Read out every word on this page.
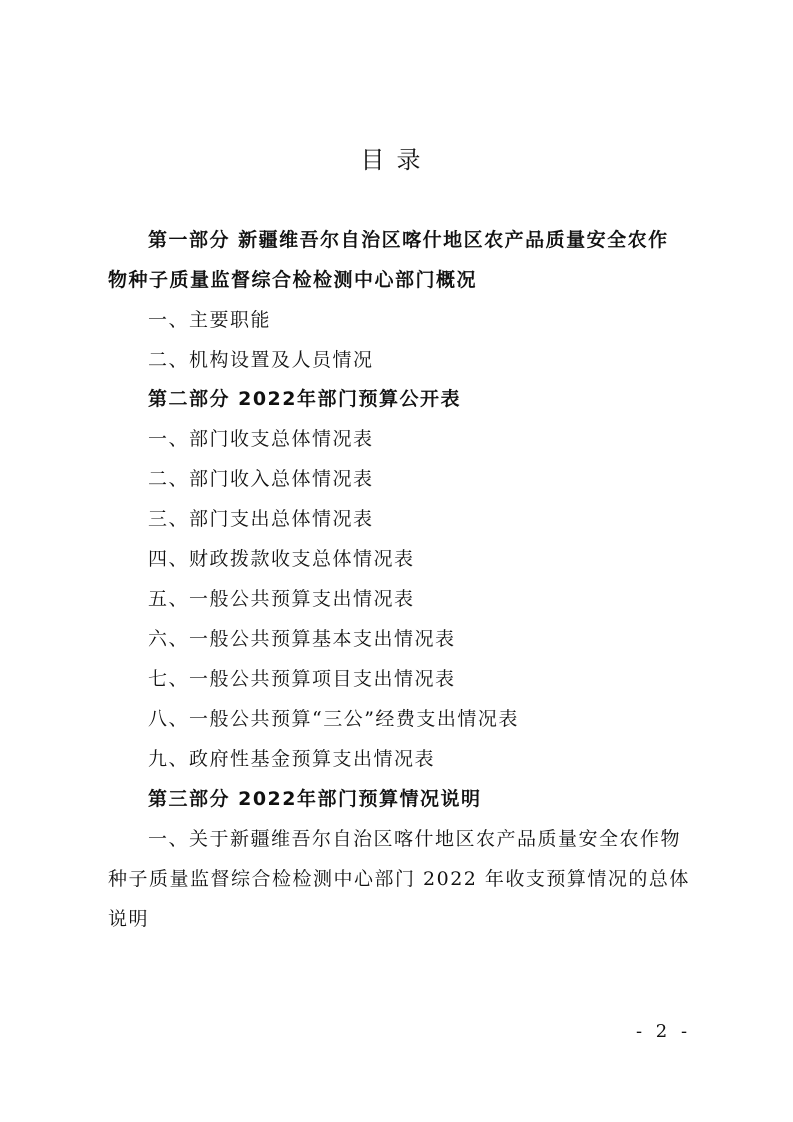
目录
第一部分 新疆维吾尔自治区喀什地区农产品质量安全农作
物种子质量监督综合检检测中心部门概况
一、主要职能
二、机构设置及人员情况
第二部分 2022年部门预算公开表
一、部门收支总体情况表
二、部门收入总体情况表
三、部门支出总体情况表
四、财政拨款收支总体情况表
五、一般公共预算支出情况表
六、一般公共预算基本支出情况表
七、一般公共预算项目支出情况表
八、一般公共预算“三公”经费支出情况表
九、政府性基金预算支出情况表
第三部分 2022年部门预算情况说明
一、关于新疆维吾尔自治区喀什地区农产品质量安全农作物
种子质量监督综合检检测中心部门 2022 年收支预算情况的总体
说明
- 2 -
